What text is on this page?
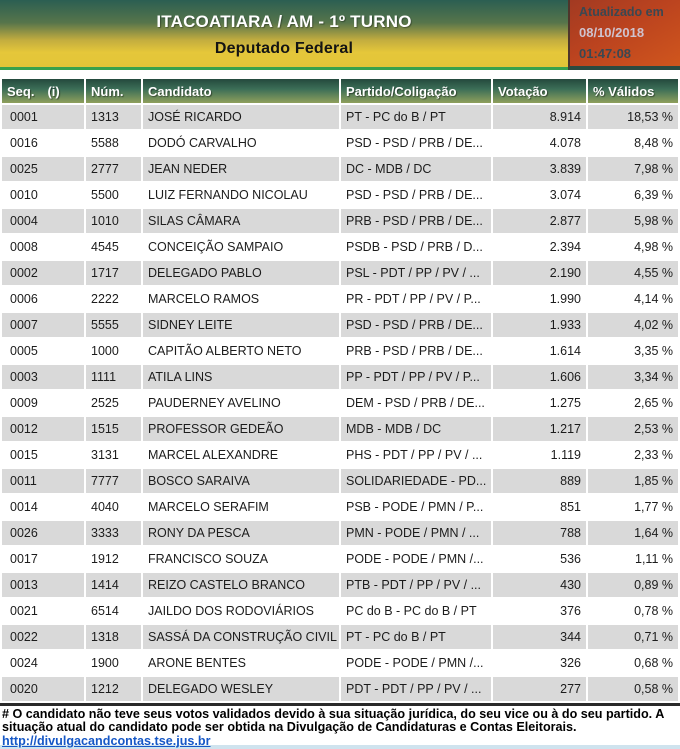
ITACOATIARA / AM - 1º TURNO
Deputado Federal
Atualizado em
08/10/2018
01:47:08
Seq. (i)	Núm.	Candidato	Partido/Coligação	Votação	% Válidos
0001	1313	JOSÉ RICARDO	PT - PC do B / PT	8.914	18,53 %
0016	5588	DODÓ CARVALHO	PSD - PSD / PRB / DE...	4.078	8,48 %
0025	2777	JEAN NEDER	DC - MDB / DC	3.839	7,98 %
0010	5500	LUIZ FERNANDO NICOLAU	PSD - PSD / PRB / DE...	3.074	6,39 %
0004	1010	SILAS CÂMARA	PRB - PSD / PRB / DE...	2.877	5,98 %
0008	4545	CONCEIÇÃO SAMPAIO	PSDB - PSD / PRB / D...	2.394	4,98 %
0002	1717	DELEGADO PABLO	PSL - PDT / PP / PV / ...	2.190	4,55 %
0006	2222	MARCELO RAMOS	PR - PDT / PP / PV / P...	1.990	4,14 %
0007	5555	SIDNEY LEITE	PSD - PSD / PRB / DE...	1.933	4,02 %
0005	1000	CAPITÃO ALBERTO NETO	PRB - PSD / PRB / DE...	1.614	3,35 %
0003	1111	ATILA LINS	PP - PDT / PP / PV / P...	1.606	3,34 %
0009	2525	PAUDERNEY AVELINO	DEM - PSD / PRB / DE...	1.275	2,65 %
0012	1515	PROFESSOR GEDEÃO	MDB - MDB / DC	1.217	2,53 %
0015	3131	MARCEL ALEXANDRE	PHS - PDT / PP / PV / ...	1.119	2,33 %
0011	7777	BOSCO SARAIVA	SOLIDARIEDADE - PD...	889	1,85 %
0014	4040	MARCELO SERAFIM	PSB - PODE / PMN / P...	851	1,77 %
0026	3333	RONY DA PESCA	PMN - PODE / PMN / ...	788	1,64 %
0017	1912	FRANCISCO SOUZA	PODE - PODE / PMN /...	536	1,11 %
0013	1414	REIZO CASTELO BRANCO	PTB - PDT / PP / PV / ...	430	0,89 %
0021	6514	JAILDO DOS RODOVIÁRIOS	PC do B - PC do B / PT	376	0,78 %
0022	1318	SASSÁ DA CONSTRUÇÃO CIVIL	PT - PC do B / PT	344	0,71 %
0024	1900	ARONE BENTES	PODE - PODE / PMN /...	326	0,68 %
0020	1212	DELEGADO WESLEY	PDT - PDT / PP / PV / ...	277	0,58 %
# O candidato não teve seus votos validados devido à sua situação jurídica, do seu vice ou à do seu partido. A situação atual do candidato pode ser obtida na Divulgação de Candidaturas e Contas Eleitorais. http://divulgacandcontas.tse.jus.br
